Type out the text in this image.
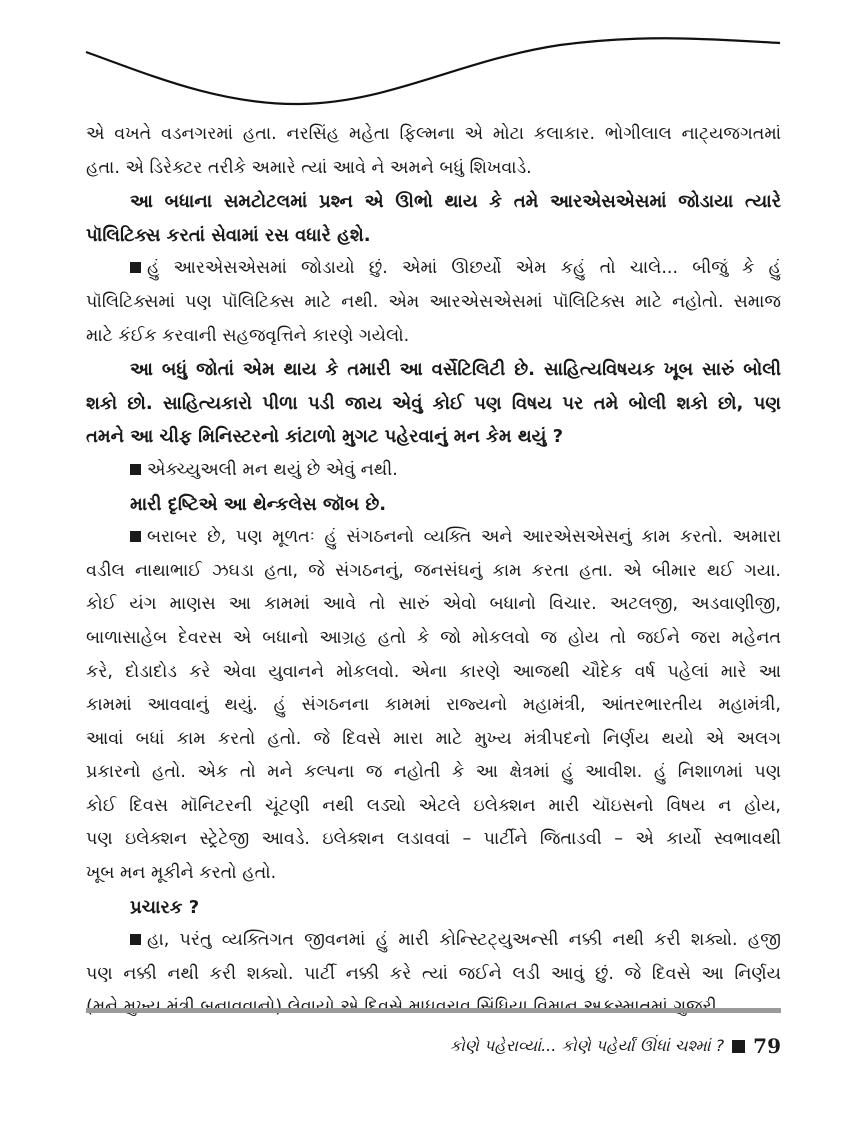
એ વખતે વડનગરમાં હતા. નરસિંહ મહેતા ફિલ્મના એ મોટા કલાકાર. ભોગીલાલ નાટ્યજગતમાં
હતા. એ ડિરેક્ટર તરીકે અમારે ત્યાં આવે ને અમને બધું શિખવાડે.
આ બધાના સમટોટલમાં પ્રશ્ન એ ઊભો થાય કે તમે આરએસએસમાં જોડાયા ત્યારે
પૉલિટિક્સ કરતાં સેવામાં રસ વધારે હશે.
હું આરએસએસમાં જોડાયો છું. એમાં ઊછર્યો એમ કહું તો ચાલે... બીજું કે હું
પૉલિટિક્સમાં પણ પૉલિટિક્સ માટે નથી. એમ આરએસએસમાં પૉલિટિક્સ માટે નહોતો. સમાજ
માટે કંઈક કરવાની સહજવૃત્તિને કારણે ગયેલો.
આ બધું જોતાં એમ થાય કે તમારી આ વર્સેટિલિટી છે. સાહિત્યવિષયક ખૂબ સારું બોલી
શકો છો. સાહિત્યકારો પીળા પડી જાય એવું કોઈ પણ વિષય પર તમે બોલી શકો છો, પણ
તમને આ ચીફ મિનિસ્ટરનો કાંટાળો મુગટ પહેરવાનું મન કેમ થયું ?
એક્ચ્યુઅલી મન થયું છે એવું નથી.
મારી દૃષ્ટિએ આ થેન્કલેસ જૉબ છે.
બરાબર છે, પણ મૂળતઃ હું સંગઠનનો વ્યક્તિ અને આરએસએસનું કામ કરતો. અમારા
વડીલ નાથાભાઈ ઝઘડા હતા, જે સંગઠનનું, જનસંઘનું કામ કરતા હતા. એ બીમાર થઈ ગયા.
કોઈ યંગ માણસ આ કામમાં આવે તો સારું એવો બધાનો વિચાર. અટલજી, અડવાણીજી,
બાળાસાહેબ દેવરસ એ બધાનો આગ્રહ હતો કે જો મોકલવો જ હોય તો જઈને જરા મહેનત
કરે, દોડાદોડ કરે એવા યુવાનને મોકલવો. એના કારણે આજથી ચૌદેક વર્ષ પહેલાં મારે આ
કામમાં આવવાનું થયું. હું સંગઠનના કામમાં રાજ્યનો મહામંત્રી, આંતરભારતીય મહામંત્રી,
આવાં બધાં કામ કરતો હતો. જે દિવસે મારા માટે મુખ્ય મંત્રીપદનો નિર્ણય થયો એ અલગ
પ્રકારનો હતો. એક તો મને કલ્પના જ નહોતી કે આ ક્ષેત્રમાં હું આવીશ. હું નિશાળમાં પણ
કોઈ દિવસ મૉનિટરની ચૂંટણી નથી લડ્યો એટલે ઇલેક્શન મારી ચૉઇસનો વિષય ન હોય,
પણ ઇલેક્શન સ્ટ્રેટેજી આવડે. ઇલેક્શન લડાવવાં – પાર્ટીને જિતાડવી – એ કાર્યો સ્વભાવથી
ખૂબ મન મૂકીને કરતો હતો.
પ્રચારક ?
હા, પરંતુ વ્યક્તિગત જીવનમાં હું મારી કોન્સ્ટિટ્યુઅન્સી નક્કી નથી કરી શક્યો. હજી
પણ નક્કી નથી કરી શક્યો. પાર્ટી નક્કી કરે ત્યાં જઈને લડી આવું છું. જે દિવસે આ નિર્ણય
કોણે પહેરાવ્યાં... કોણે પહેર્યાં ઊંધાં ચશ્માં ? 79
